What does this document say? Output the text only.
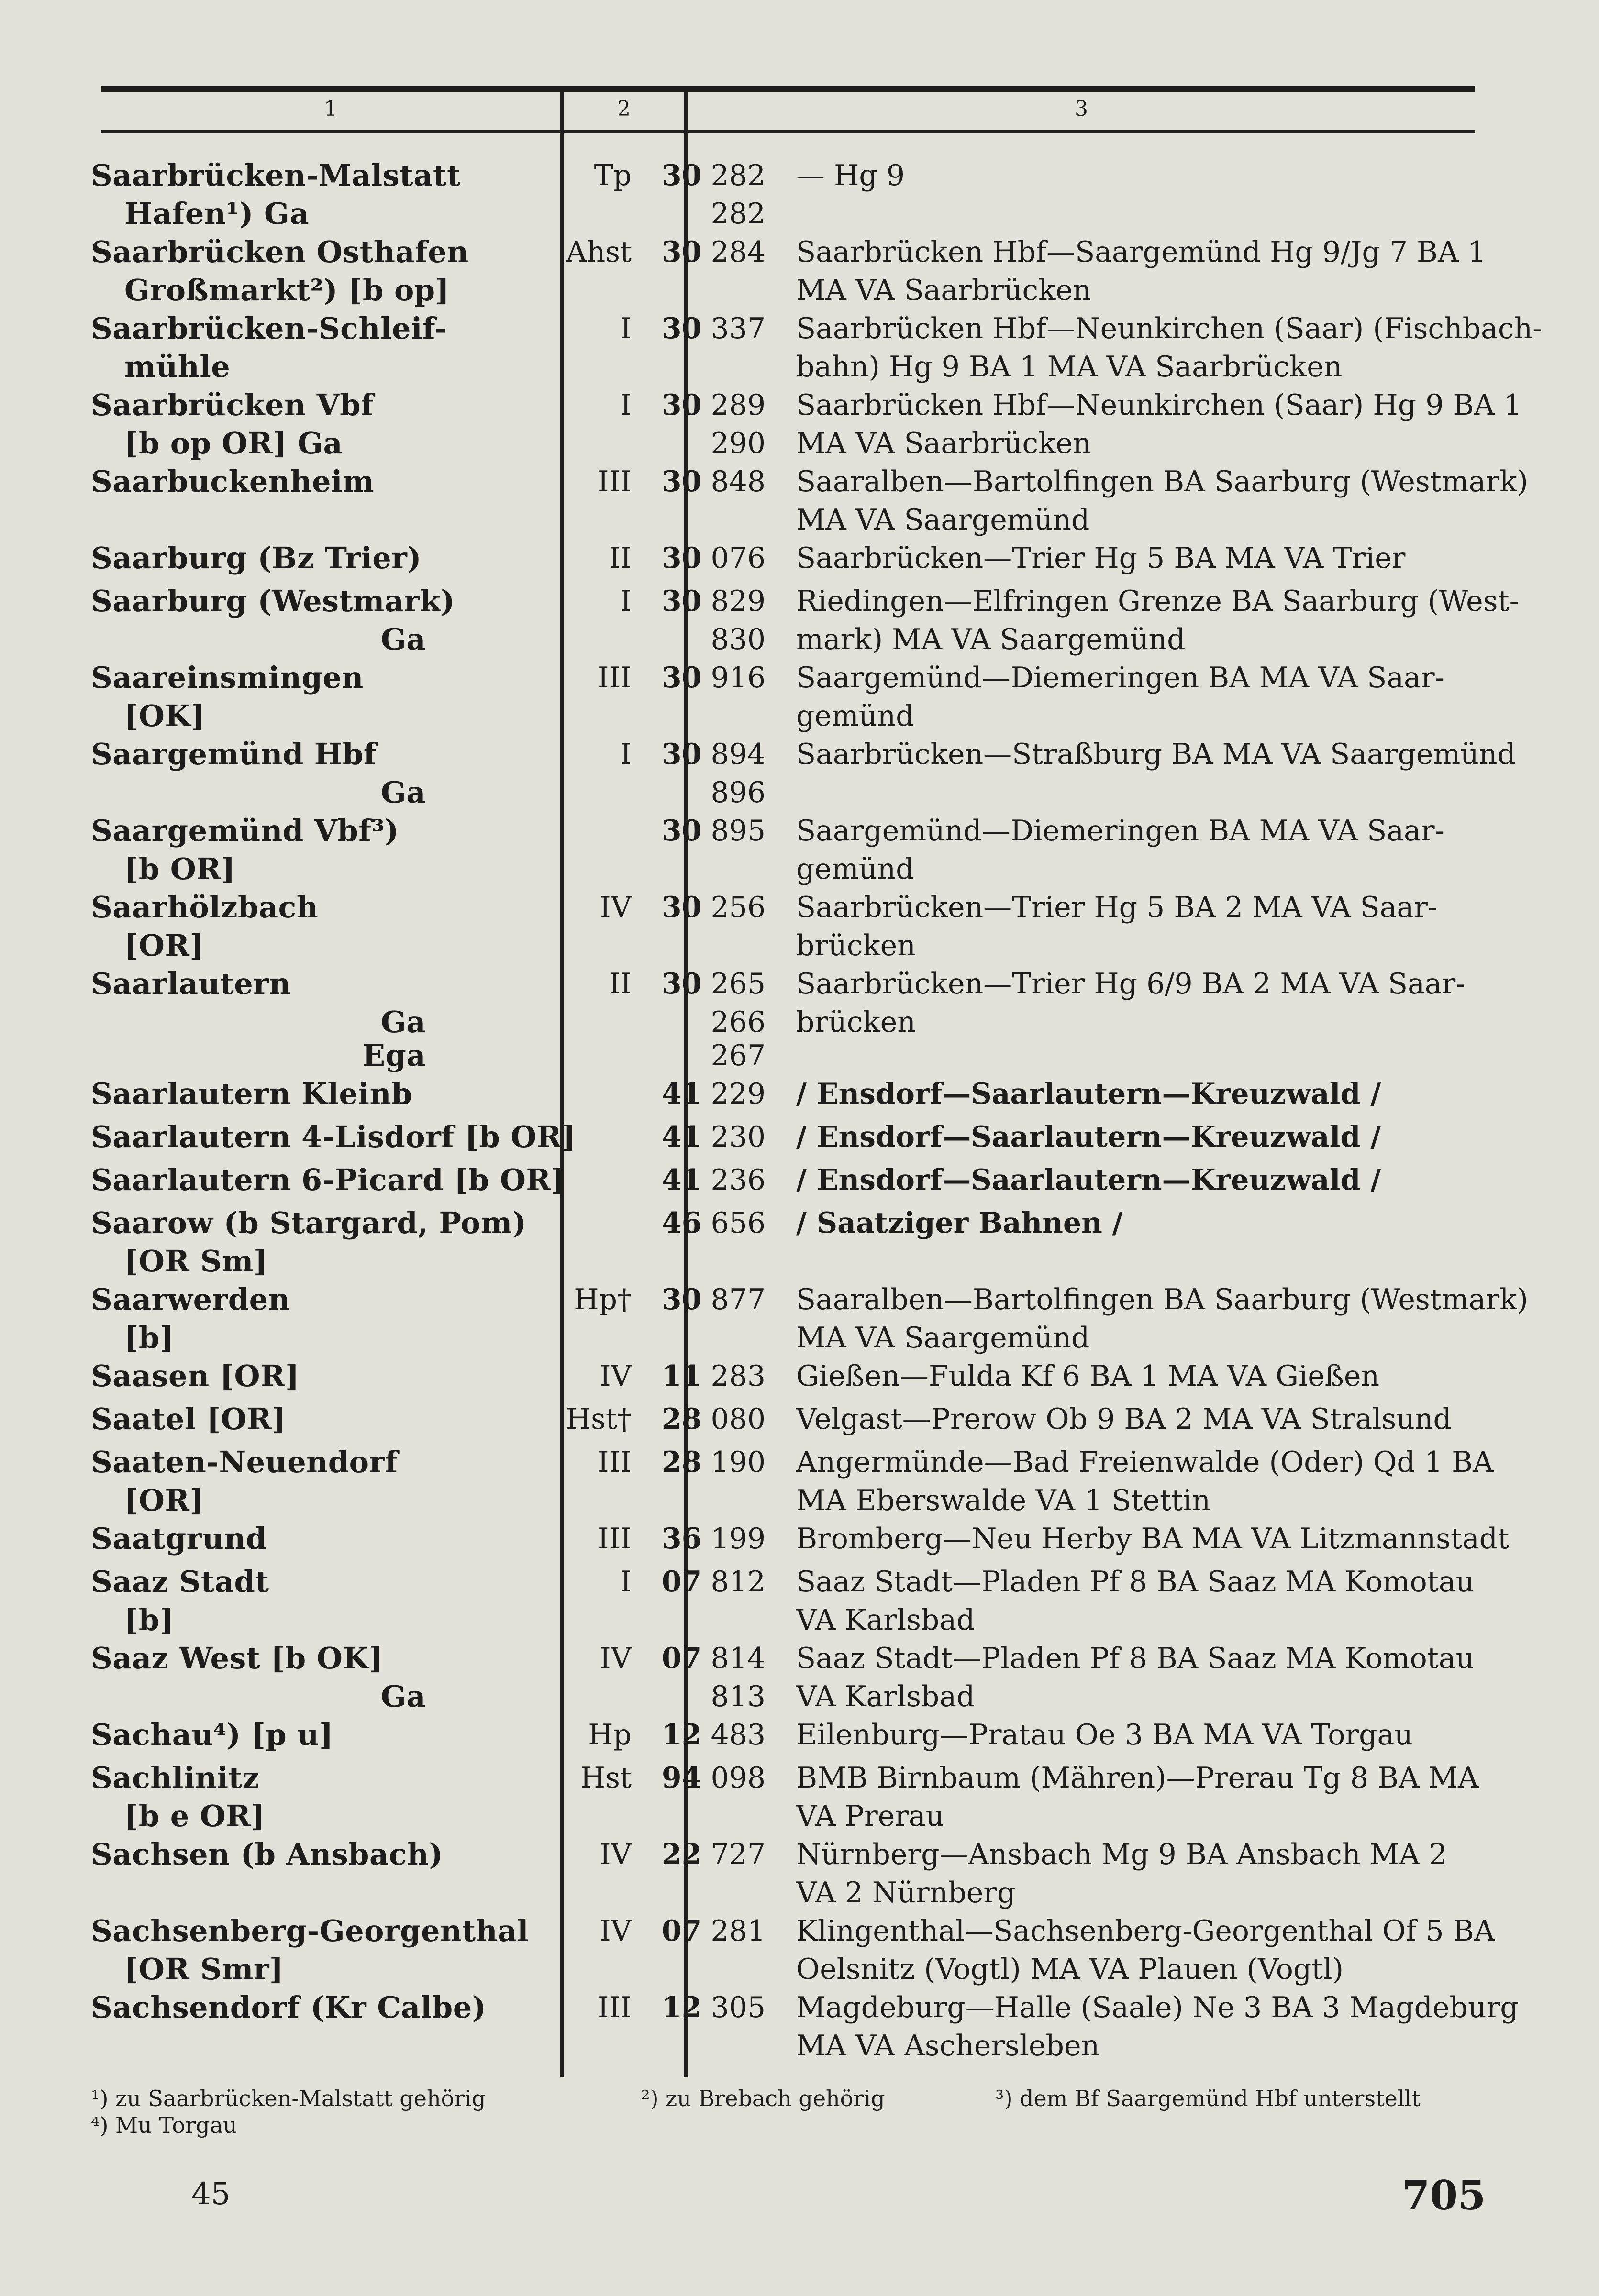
1	2	3
Saarbrücken-Malstatt	Tp 30 282 — Hg 9
Hafen¹) Ga	282
Saarbrücken Osthafen	Ahst 30 284 Saarbrücken Hbf—Saargemünd Hg 9/Jg 7 BA 1
Großmarkt²) [b op]	MA VA Saarbrücken
Saarbrücken-Schleif-	I 30 337 Saarbrücken Hbf—Neunkirchen (Saar) (Fischbach-
mühle	bahn) Hg 9 BA 1 MA VA Saarbrücken
Saarbrücken Vbf	I 30 289 Saarbrücken Hbf—Neunkirchen (Saar) Hg 9 BA 1
[b op OR] Ga	290 MA VA Saarbrücken
Saarbuckenheim	III 30 848 Saaralben—Bartolfingen BA Saarburg (Westmark)
MA VA Saargemünd
Saarburg (Bz Trier)	II 30 076 Saarbrücken—Trier Hg 5 BA MA VA Trier
Saarburg (Westmark)	I 30 829 Riedingen—Elfringen Grenze BA Saarburg (West-
Ga	830 mark) MA VA Saargemünd
Saareinsmingen	III 30 916 Saargemünd—Diemeringen BA MA VA Saar-
[OK]	gemünd
Saargemünd Hbf	I 30 894 Saarbrücken—Straßburg BA MA VA Saargemünd
Ga	896
Saargemünd Vbf³)	30 895 Saargemünd—Diemeringen BA MA VA Saar-
[b OR]	gemünd
Saarhölzbach	IV 30 256 Saarbrücken—Trier Hg 5 BA 2 MA VA Saar-
[OR]	brücken
Saarlautern	II 30 265 Saarbrücken—Trier Hg 6/9 BA 2 MA VA Saar-
Ga	266 brücken
Ega	267
Saarlautern Kleinb	41 229 / Ensdorf—Saarlautern—Kreuzwald /
Saarlautern 4-Lisdorf [b OR]	41 230 / Ensdorf—Saarlautern—Kreuzwald /
Saarlautern 6-Picard [b OR]	41 236 / Ensdorf—Saarlautern—Kreuzwald /
Saarow (b Stargard, Pom)	46 656 / Saatziger Bahnen /
[OR Sm]
Saarwerden	Hp† 30 877 Saaralben—Bartolfingen BA Saarburg (Westmark)
[b]	MA VA Saargemünd
Saasen [OR]	IV 11 283 Gießen—Fulda Kf 6 BA 1 MA VA Gießen
Saatel [OR]	Hst† 28 080 Velgast—Prerow Ob 9 BA 2 MA VA Stralsund
Saaten-Neuendorf	III 28 190 Angermünde—Bad Freienwalde (Oder) Qd 1 BA
[OR]	MA Eberswalde VA 1 Stettin
Saatgrund	III 36 199 Bromberg—Neu Herby BA MA VA Litzmannstadt
Saaz Stadt	I 07 812 Saaz Stadt—Pladen Pf 8 BA Saaz MA Komotau
[b]	VA Karlsbad
Saaz West [b OK]	IV 07 814 Saaz Stadt—Pladen Pf 8 BA Saaz MA Komotau
Ga	813 VA Karlsbad
Sachau⁴) [p u]	Hp 12 483 Eilenburg—Pratau Oe 3 BA MA VA Torgau
Sachlinitz	Hst 94 098 BMB Birnbaum (Mähren)—Prerau Tg 8 BA MA
[b e OR]	VA Prerau
Sachsen (b Ansbach)	IV 22 727 Nürnberg—Ansbach Mg 9 BA Ansbach MA 2
VA 2 Nürnberg
Sachsenberg-Georgenthal	IV 07 281 Klingenthal—Sachsenberg-Georgenthal Of 5 BA
[OR Smr]	Oelsnitz (Vogtl) MA VA Plauen (Vogtl)
Sachsendorf (Kr Calbe)	III 12 305 Magdeburg—Halle (Saale) Ne 3 BA 3 Magdeburg
MA VA Aschersleben
¹) zu Saarbrücken-Malstatt gehörig	²) zu Brebach gehörig	³) dem Bf Saargemünd Hbf unterstellt
⁴) Mu Torgau
45	705
